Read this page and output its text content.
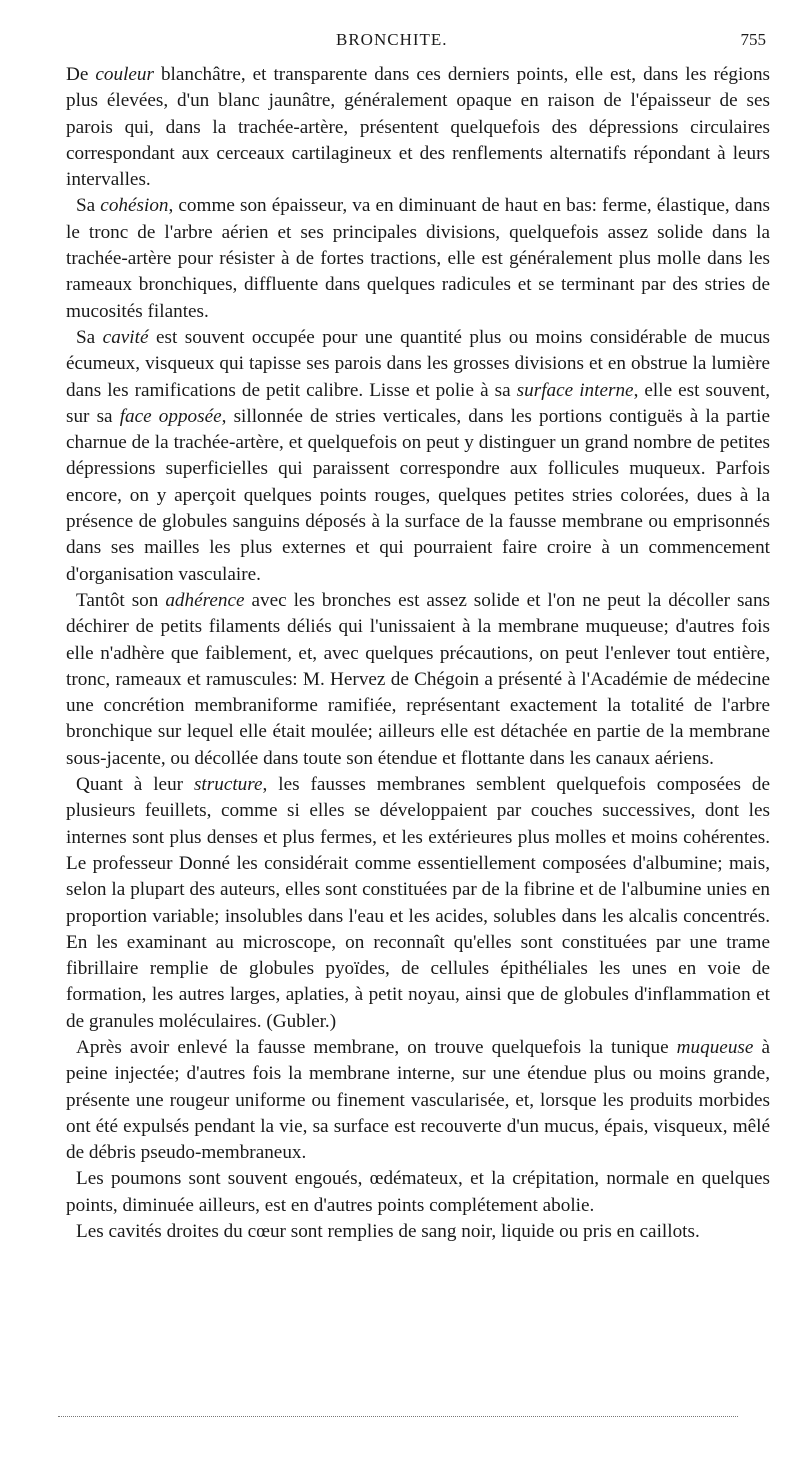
BRONCHITE.	755

De couleur blanchâtre, et transparente dans ces derniers points, elle est, dans les régions plus élevées, d'un blanc jaunâtre, généralement opaque en raison de l'épaisseur de ses parois qui, dans la trachée-artère, présentent quelquefois des dépressions circulaires correspondant aux cerceaux cartilagineux et des renflements alternatifs répondant à leurs intervalles.

Sa cohésion, comme son épaisseur, va en diminuant de haut en bas: ferme, élastique, dans le tronc de l'arbre aérien et ses principales divisions, quelquefois assez solide dans la trachée-artère pour résister à de fortes tractions, elle est généralement plus molle dans les rameaux bronchiques, diffluente dans quelques radicules et se terminant par des stries de mucosités filantes.

Sa cavité est souvent occupée pour une quantité plus ou moins considérable de mucus écumeux, visqueux qui tapisse ses parois dans les grosses divisions et en obstrue la lumière dans les ramifications de petit calibre. Lisse et polie à sa surface interne, elle est souvent, sur sa face opposée, sillonnée de stries verticales, dans les portions contiguës à la partie charnue de la trachée-artère, et quelquefois on peut y distinguer un grand nombre de petites dépressions superficielles qui paraissent correspondre aux follicules muqueux. Parfois encore, on y aperçoit quelques points rouges, quelques petites stries colorées, dues à la présence de globules sanguins déposés à la surface de la fausse membrane ou emprisonnés dans ses mailles les plus externes et qui pourraient faire croire à un commencement d'organisation vasculaire.

Tantôt son adhérence avec les bronches est assez solide et l'on ne peut la décoller sans déchirer de petits filaments déliés qui l'unissaient à la membrane muqueuse; d'autres fois elle n'adhère que faiblement, et, avec quelques précautions, on peut l'enlever tout entière, tronc, rameaux et ramuscules: M. Hervez de Chégoin a présenté à l'Académie de médecine une concrétion membraniforme ramifiée, représentant exactement la totalité de l'arbre bronchique sur lequel elle était moulée; ailleurs elle est détachée en partie de la membrane sous-jacente, ou décollée dans toute son étendue et flottante dans les canaux aériens.

Quant à leur structure, les fausses membranes semblent quelquefois composées de plusieurs feuillets, comme si elles se développaient par couches successives, dont les internes sont plus denses et plus fermes, et les extérieures plus molles et moins cohérentes. Le professeur Donné les considérait comme essentiellement composées d'albumine; mais, selon la plupart des auteurs, elles sont constituées par de la fibrine et de l'albumine unies en proportion variable; insolubles dans l'eau et les acides, solubles dans les alcalis concentrés. En les examinant au microscope, on reconnaît qu'elles sont constituées par une trame fibrillaire remplie de globules pyoïdes, de cellules épithéliales les unes en voie de formation, les autres larges, aplaties, à petit noyau, ainsi que de globules d'inflammation et de granules moléculaires. (Gubler.)

Après avoir enlevé la fausse membrane, on trouve quelquefois la tunique muqueuse à peine injectée; d'autres fois la membrane interne, sur une étendue plus ou moins grande, présente une rougeur uniforme ou finement vascularisée, et, lorsque les produits morbides ont été expulsés pendant la vie, sa surface est recouverte d'un mucus, épais, visqueux, mêlé de débris pseudo-membraneux.

Les poumons sont souvent engoués, œdémateux, et la crépitation, normale en quelques points, diminuée ailleurs, est en d'autres points complétement abolie.

Les cavités droites du cœur sont remplies de sang noir, liquide ou pris en caillots.
